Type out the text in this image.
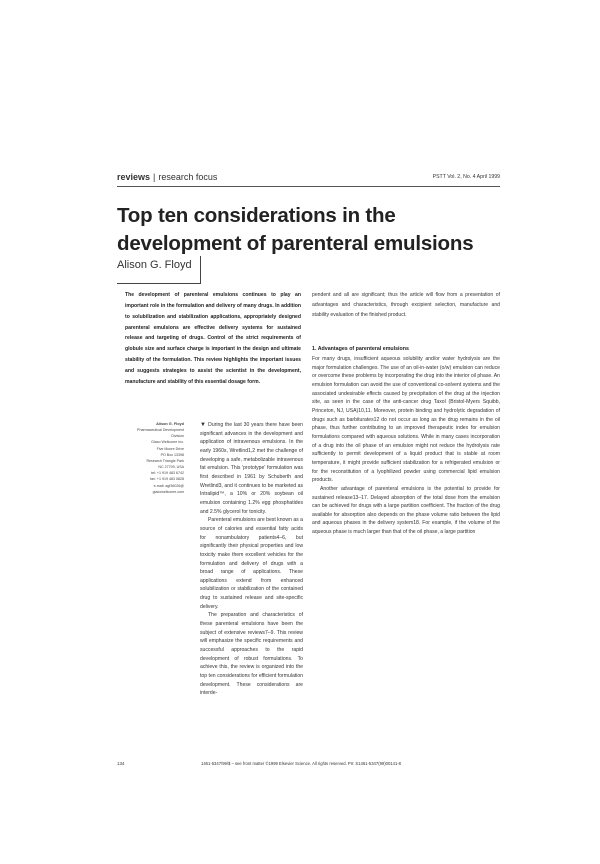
reviews | research focus	PSTT Vol. 2, No. 4 April 1999
Top ten considerations in the
development of parenteral emulsions
Alison G. Floyd
The development of parenteral emulsions continues to play an important role in the formulation and delivery of many drugs. In addition to solubilization and stabilization applications, appropriately designed parenteral emulsions are effective delivery systems for sustained release and targeting of drugs. Control of the strict requirements of globule size and surface charge is important in the design and ultimate stability of the formulation. This review highlights the important issues and suggests strategies to assist the scientist in the development, manufacture and stability of this essential dosage form.
pendent and all are significant; thus the article will flow from a presentation of advantages and characteristics, through excipient selection, manufacture and stability evaluation of the finished product.
1. Advantages of parenteral emulsions

For many drugs, insufficient aqueous solubility and/or water hydrolysis are the major formulation challenges. The use of an oil-in-water (o/w) emulsion can reduce or overcome these problems by incorporating the drug into the interior oil phase. An emulsion formulation can avoid the use of conventional co-solvent systems and the associated undesirable effects caused by precipitation of the drug at the injection site, as seen in the case of the anti-cancer drug Taxol (Bristol-Myers Squibb, Princeton, NJ, USA)10,11. Moreover, protein binding and hydrolytic degradation of drugs such as barbiturates12 do not occur as long as the drug remains in the oil phase, thus further contributing to an improved therapeutic index for emulsion formulations compared with aqueous solutions. While in many cases incorporation of a drug into the oil phase of an emulsion might not reduce the hydrolysis rate sufficiently to permit development of a liquid product that is stable at room temperature, it might provide sufficient stabilization for a refrigerated emulsion or for the reconstitution of a lyophilized powder using commercial lipid emulsion products.

Another advantage of parenteral emulsions is the potential to provide for sustained release13–17. Delayed absorption of the total dose from the emulsion can be achieved for drugs with a large partition coefficient. The fraction of the drug available for absorption also depends on the phase volume ratio between the lipid and aqueous phases in the delivery system18. For example, if the volume of the aqueous phase is much larger than that of the oil phase, a large partition

Alison G. Floyd
Pharmaceutical Development
Division
Glaxo Wellcome Inc.
Five Moore Drive
PO Box 13398
Research Triangle Park
NC 27709, USA
tel: +1 919 483 6742
fax: +1 919 483 5828
e-mail: agf36026@
glaxowellcome.com

▼ During the last 30 years there have been significant advances in the development and application of intravenous emulsions. In the early 1960s, Wretlind1,2 met the challenge of developing a safe, metabolizable intravenous fat emulsion. This 'prototype' formulation was first described in 1961 by Schuberth and Wretlind3, and it continues to be marketed as Intralipid™, a 10% or 20% soybean oil emulsion containing 1.2% egg phosphatides and 2.5% glycerol for tonicity.

Parenteral emulsions are best known as a source of calories and essential fatty acids for nonambulatory patients4–6, but significantly their physical properties and low toxicity make them excellent vehicles for the formulation and delivery of drugs with a broad range of applications. These applications extend from enhanced solubilization or stabilization of the contained drug to sustained release and site-specific delivery.

The preparation and characteristics of these parenteral emulsions have been the subject of extensive reviews7–9. This review will emphasize the specific requirements and successful approaches to the rapid development of robust formulations. To achieve this, the review is organized into the top ten considerations for efficient formulation development. These considerations are interde-

134	1461-5347/99/$ – see front matter ©1999 Elsevier Science. All rights reserved. PII: S1461-5347(99)00141-8
